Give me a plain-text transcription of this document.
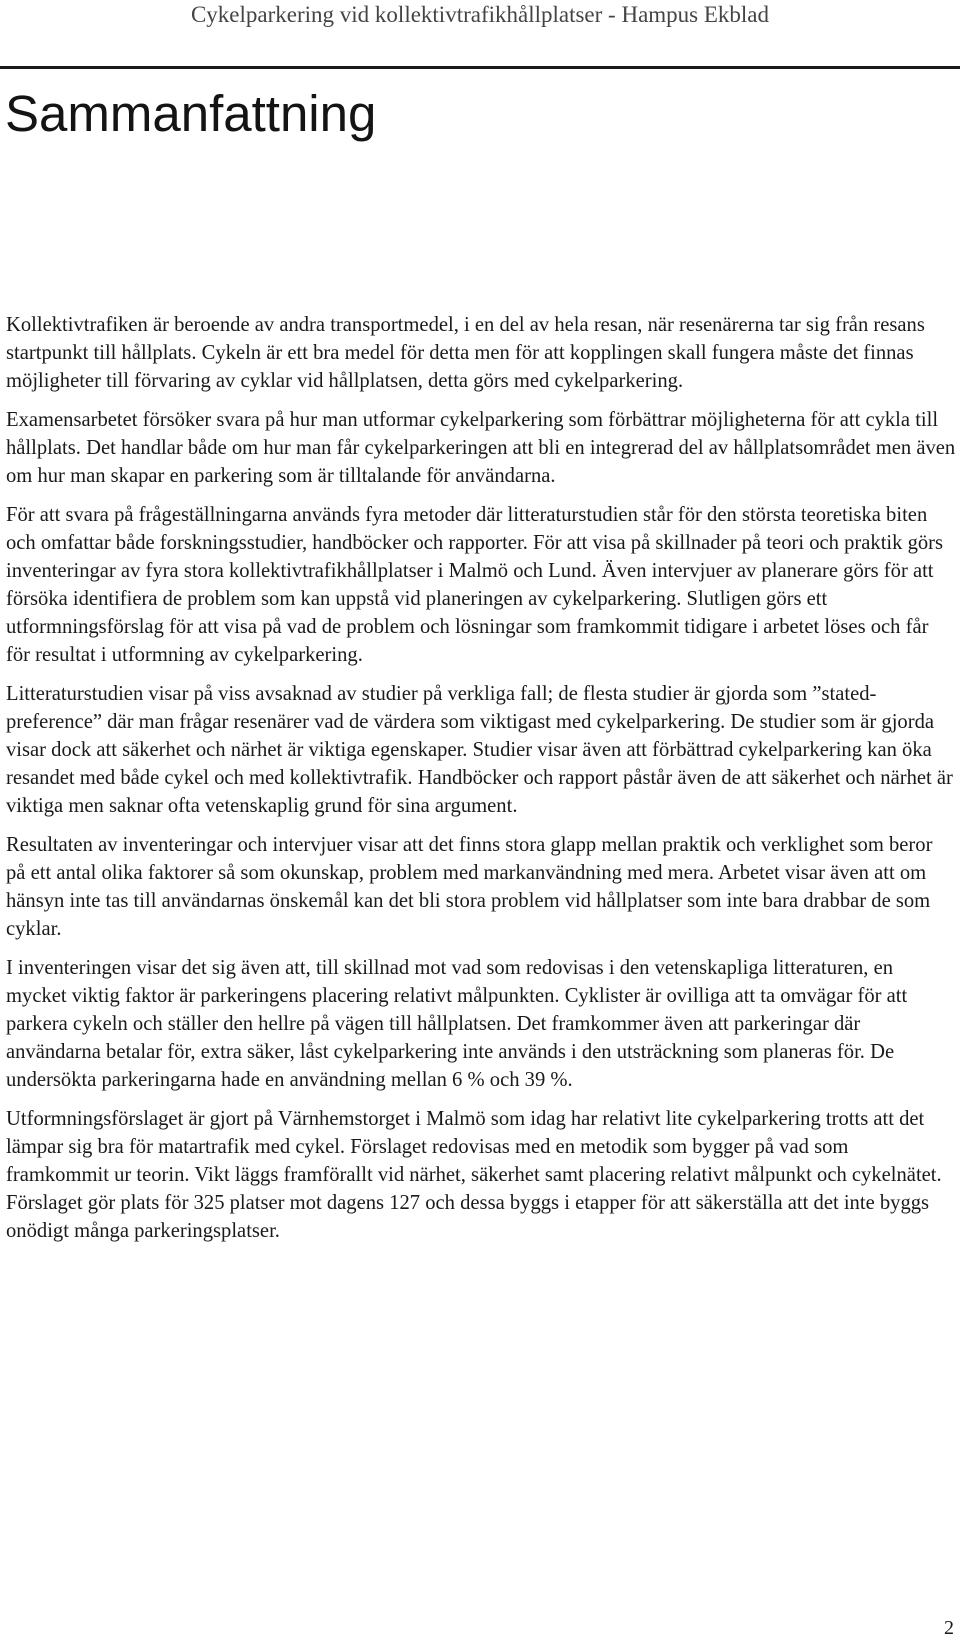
Cykelparkering vid kollektivtrafikhållplatser - Hampus Ekblad
Sammanfattning

Kollektivtrafiken är beroende av andra transportmedel, i en del av hela resan, när resenärerna tar sig från resans startpunkt till hållplats. Cykeln är ett bra medel för detta men för att kopplingen skall fungera måste det finnas möjligheter till förvaring av cyklar vid hållplatsen, detta görs med cykelparkering.

Examensarbetet försöker svara på hur man utformar cykelparkering som förbättrar möjligheterna för att cykla till hållplats. Det handlar både om hur man får cykelparkeringen att bli en integrerad del av hållplatsområdet men även om hur man skapar en parkering som är tilltalande för användarna.

För att svara på frågeställningarna används fyra metoder där litteraturstudien står för den största teoretiska biten och omfattar både forskningsstudier, handböcker och rapporter. För att visa på skillnader på teori och praktik görs inventeringar av fyra stora kollektivtrafikhållplatser i Malmö och Lund. Även intervjuer av planerare görs för att försöka identifiera de problem som kan uppstå vid planeringen av cykelparkering. Slutligen görs ett utformningsförslag för att visa på vad de problem och lösningar som framkommit tidigare i arbetet löses och får för resultat i utformning av cykelparkering.

Litteraturstudien visar på viss avsaknad av studier på verkliga fall; de flesta studier är gjorda som ”stated-preference” där man frågar resenärer vad de värdera som viktigast med cykelparkering. De studier som är gjorda visar dock att säkerhet och närhet är viktiga egenskaper. Studier visar även att förbättrad cykelparkering kan öka resandet med både cykel och med kollektivtrafik. Handböcker och rapport påstår även de att säkerhet och närhet är viktiga men saknar ofta vetenskaplig grund för sina argument.

Resultaten av inventeringar och intervjuer visar att det finns stora glapp mellan praktik och verklighet som beror på ett antal olika faktorer så som okunskap, problem med markanvändning med mera. Arbetet visar även att om hänsyn inte tas till användarnas önskemål kan det bli stora problem vid hållplatser som inte bara drabbar de som cyklar.

I inventeringen visar det sig även att, till skillnad mot vad som redovisas i den vetenskapliga litteraturen, en mycket viktig faktor är parkeringens placering relativt målpunkten. Cyklister är ovilliga att ta omvägar för att parkera cykeln och ställer den hellre på vägen till hållplatsen. Det framkommer även att parkeringar där användarna betalar för, extra säker, låst cykelparkering inte används i den utsträckning som planeras för. De undersökta parkeringarna hade en användning mellan 6 % och 39 %.

Utformningsförslaget är gjort på Värnhemstorget i Malmö som idag har relativt lite cykelparkering trotts att det lämpar sig bra för matartrafik med cykel. Förslaget redovisas med en metodik som bygger på vad som framkommit ur teorin. Vikt läggs framförallt vid närhet, säkerhet samt placering relativt målpunkt och cykelnätet. Förslaget gör plats för 325 platser mot dagens 127 och dessa byggs i etapper för att säkerställa att det inte byggs onödigt många parkeringsplatser.

2
